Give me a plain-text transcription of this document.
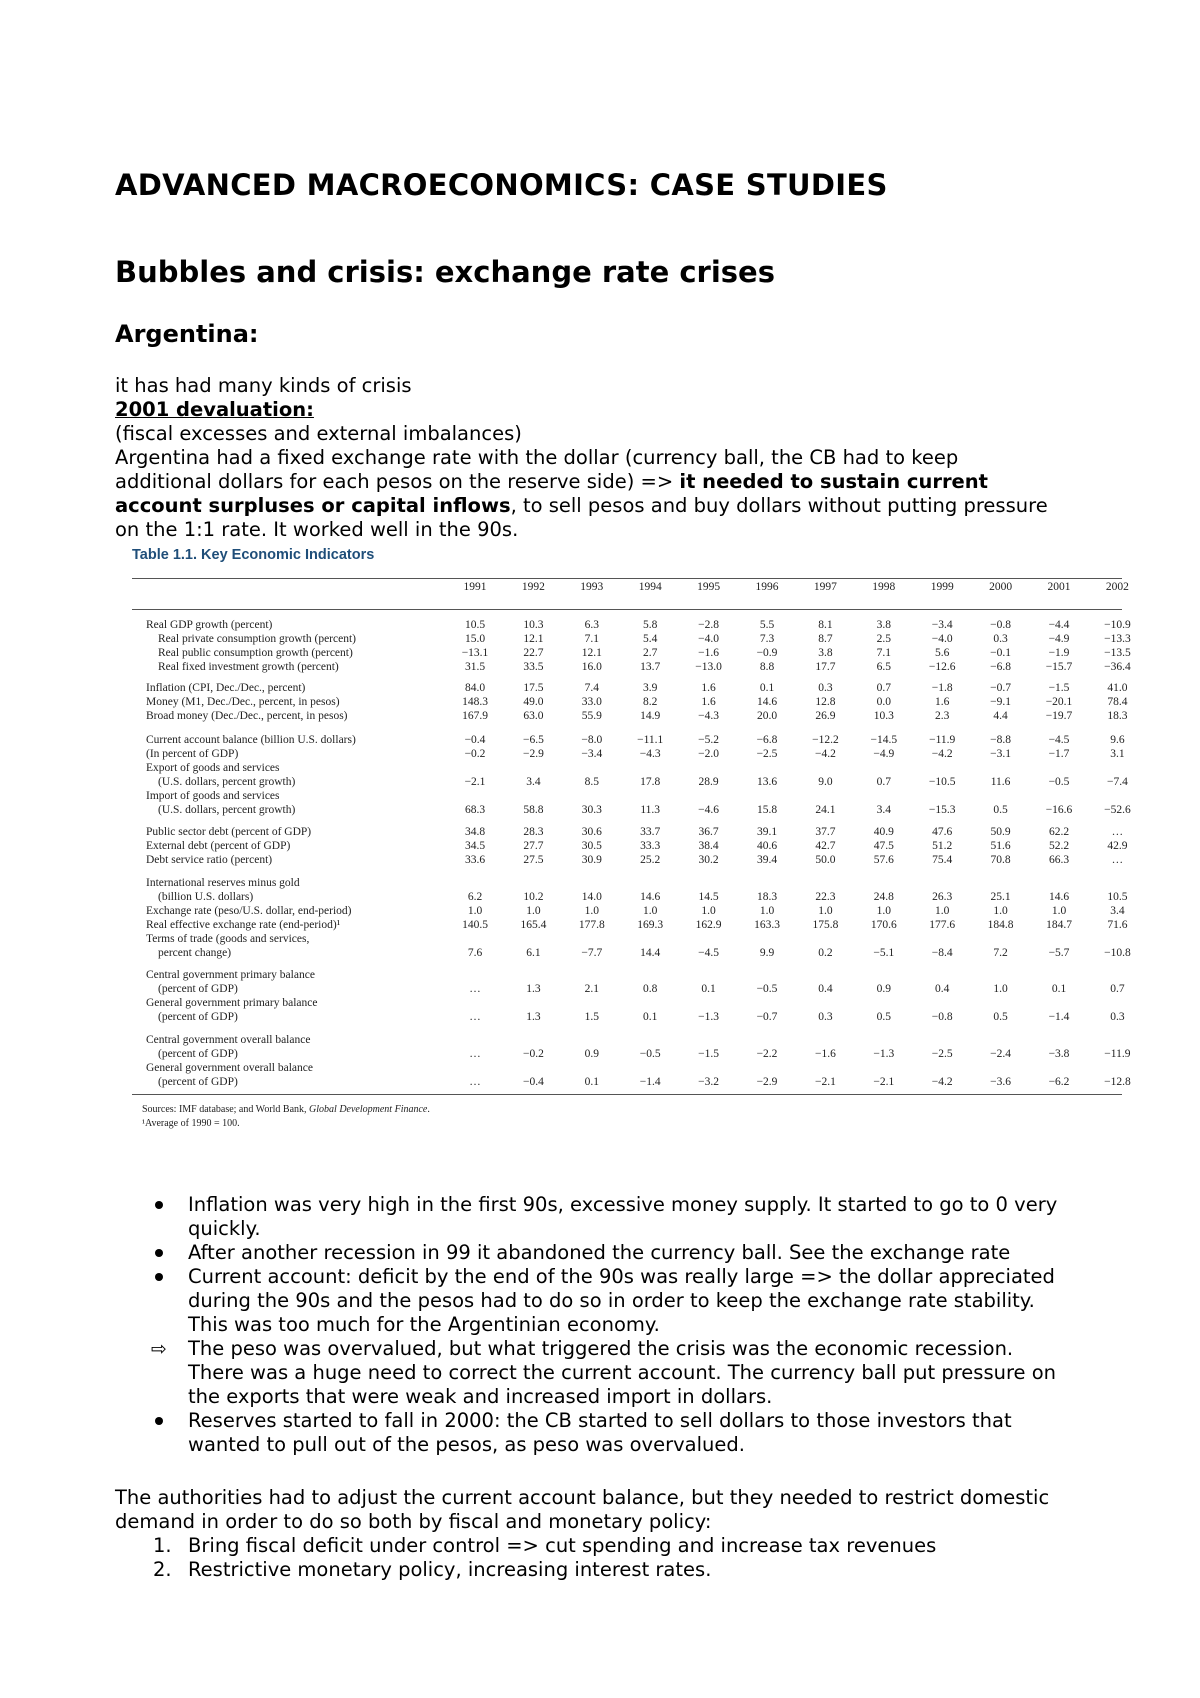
ADVANCED MACROECONOMICS: CASE STUDIES
Bubbles and crisis: exchange rate crises
Argentina:
it has had many kinds of crisis
2001 devaluation:
(fiscal excesses and external imbalances)
Argentina had a fixed exchange rate with the dollar (currency ball, the CB had to keep
additional dollars for each pesos on the reserve side) => it needed to sustain current
account surpluses or capital inflows, to sell pesos and buy dollars without putting pressure
on the 1:1 rate. It worked well in the 90s.
Table 1.1. Key Economic Indicators
1991	1992	1993	1994	1995	1996	1997	1998	1999	2000	2001	2002
Real GDP growth (percent)	10.5	10.3	6.3	5.8	−2.8	5.5	8.1	3.8	−3.4	−0.8	−4.4	−10.9
Real private consumption growth (percent)	15.0	12.1	7.1	5.4	−4.0	7.3	8.7	2.5	−4.0	0.3	−4.9	−13.3
Real public consumption growth (percent)	−13.1	22.7	12.1	2.7	−1.6	−0.9	3.8	7.1	5.6	−0.1	−1.9	−13.5
Real fixed investment growth (percent)	31.5	33.5	16.0	13.7	−13.0	8.8	17.7	6.5	−12.6	−6.8	−15.7	−36.4
Inflation (CPI, Dec./Dec., percent)	84.0	17.5	7.4	3.9	1.6	0.1	0.3	0.7	−1.8	−0.7	−1.5	41.0
Money (M1, Dec./Dec., percent, in pesos)	148.3	49.0	33.0	8.2	1.6	14.6	12.8	0.0	1.6	−9.1	−20.1	78.4
Broad money (Dec./Dec., percent, in pesos)	167.9	63.0	55.9	14.9	−4.3	20.0	26.9	10.3	2.3	4.4	−19.7	18.3
Current account balance (billion U.S. dollars)	−0.4	−6.5	−8.0	−11.1	−5.2	−6.8	−12.2	−14.5	−11.9	−8.8	−4.5	9.6
(In percent of GDP)	−0.2	−2.9	−3.4	−4.3	−2.0	−2.5	−4.2	−4.9	−4.2	−3.1	−1.7	3.1
Export of goods and services
(U.S. dollars, percent growth)	−2.1	3.4	8.5	17.8	28.9	13.6	9.0	0.7	−10.5	11.6	−0.5	−7.4
Import of goods and services
(U.S. dollars, percent growth)	68.3	58.8	30.3	11.3	−4.6	15.8	24.1	3.4	−15.3	0.5	−16.6	−52.6
Public sector debt (percent of GDP)	34.8	28.3	30.6	33.7	36.7	39.1	37.7	40.9	47.6	50.9	62.2	…
External debt (percent of GDP)	34.5	27.7	30.5	33.3	38.4	40.6	42.7	47.5	51.2	51.6	52.2	42.9
Debt service ratio (percent)	33.6	27.5	30.9	25.2	30.2	39.4	50.0	57.6	75.4	70.8	66.3	…
International reserves minus gold
(billion U.S. dollars)	6.2	10.2	14.0	14.6	14.5	18.3	22.3	24.8	26.3	25.1	14.6	10.5
Exchange rate (peso/U.S. dollar, end-period)	1.0	1.0	1.0	1.0	1.0	1.0	1.0	1.0	1.0	1.0	1.0	3.4
Real effective exchange rate (end-period)¹	140.5	165.4	177.8	169.3	162.9	163.3	175.8	170.6	177.6	184.8	184.7	71.6
Terms of trade (goods and services,
percent change)	7.6	6.1	−7.7	14.4	−4.5	9.9	0.2	−5.1	−8.4	7.2	−5.7	−10.8
Central government primary balance
(percent of GDP)	…	1.3	2.1	0.8	0.1	−0.5	0.4	0.9	0.4	1.0	0.1	0.7
General government primary balance
(percent of GDP)	…	1.3	1.5	0.1	−1.3	−0.7	0.3	0.5	−0.8	0.5	−1.4	0.3
Central government overall balance
(percent of GDP)	…	−0.2	0.9	−0.5	−1.5	−2.2	−1.6	−1.3	−2.5	−2.4	−3.8	−11.9
General government overall balance
(percent of GDP)	…	−0.4	0.1	−1.4	−3.2	−2.9	−2.1	−2.1	−4.2	−3.6	−6.2	−12.8
Sources: IMF database; and World Bank, Global Development Finance.
¹Average of 1990 = 100.
Inflation was very high in the first 90s, excessive money supply. It started to go to 0 very
quickly.
After another recession in 99 it abandoned the currency ball. See the exchange rate
Current account: deficit by the end of the 90s was really large => the dollar appreciated
during the 90s and the pesos had to do so in order to keep the exchange rate stability.
This was too much for the Argentinian economy.
⇨ The peso was overvalued, but what triggered the crisis was the economic recession.
There was a huge need to correct the current account. The currency ball put pressure on
the exports that were weak and increased import in dollars.
Reserves started to fall in 2000: the CB started to sell dollars to those investors that
wanted to pull out of the pesos, as peso was overvalued.
The authorities had to adjust the current account balance, but they needed to restrict domestic
demand in order to do so both by fiscal and monetary policy:
1. Bring fiscal deficit under control => cut spending and increase tax revenues
2. Restrictive monetary policy, increasing interest rates.
